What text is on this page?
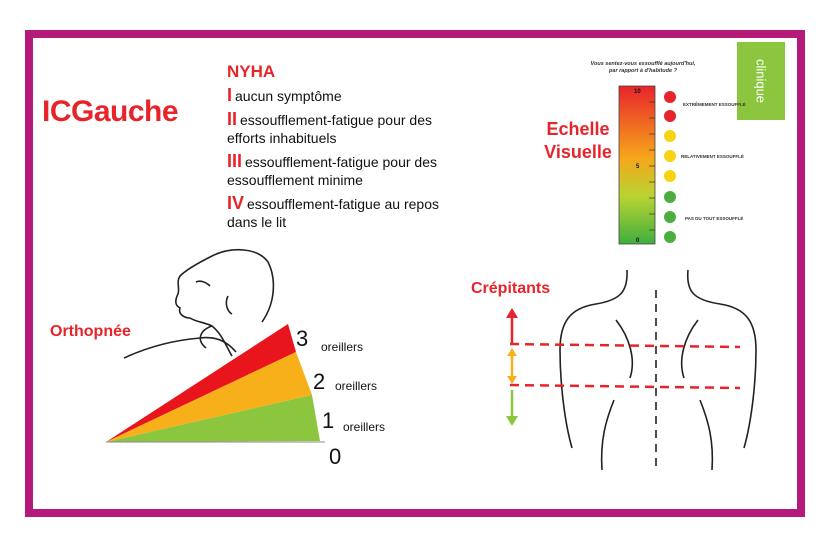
ICGauche
NYHA
I aucun symptôme
II essoufflement-fatigue pour des efforts inhabituels
III essoufflement-fatigue pour des essoufflement minime
IV essoufflement-fatigue au repos dans le lit
Echelle
Visuelle
Vous sentez-vous essoufflé aujourd'hui,
par rapport à d'habitude ?	clinique
Orthopnée
Crépitants
3 oreillers
2 oreillers
1 oreillers
0
10
5
0
EXTRÊMEMENT ESSOUFFLÉ
RELATIVEMENT ESSOUFFLÉ
PAS DU TOUT ESSOUFFLÉ
